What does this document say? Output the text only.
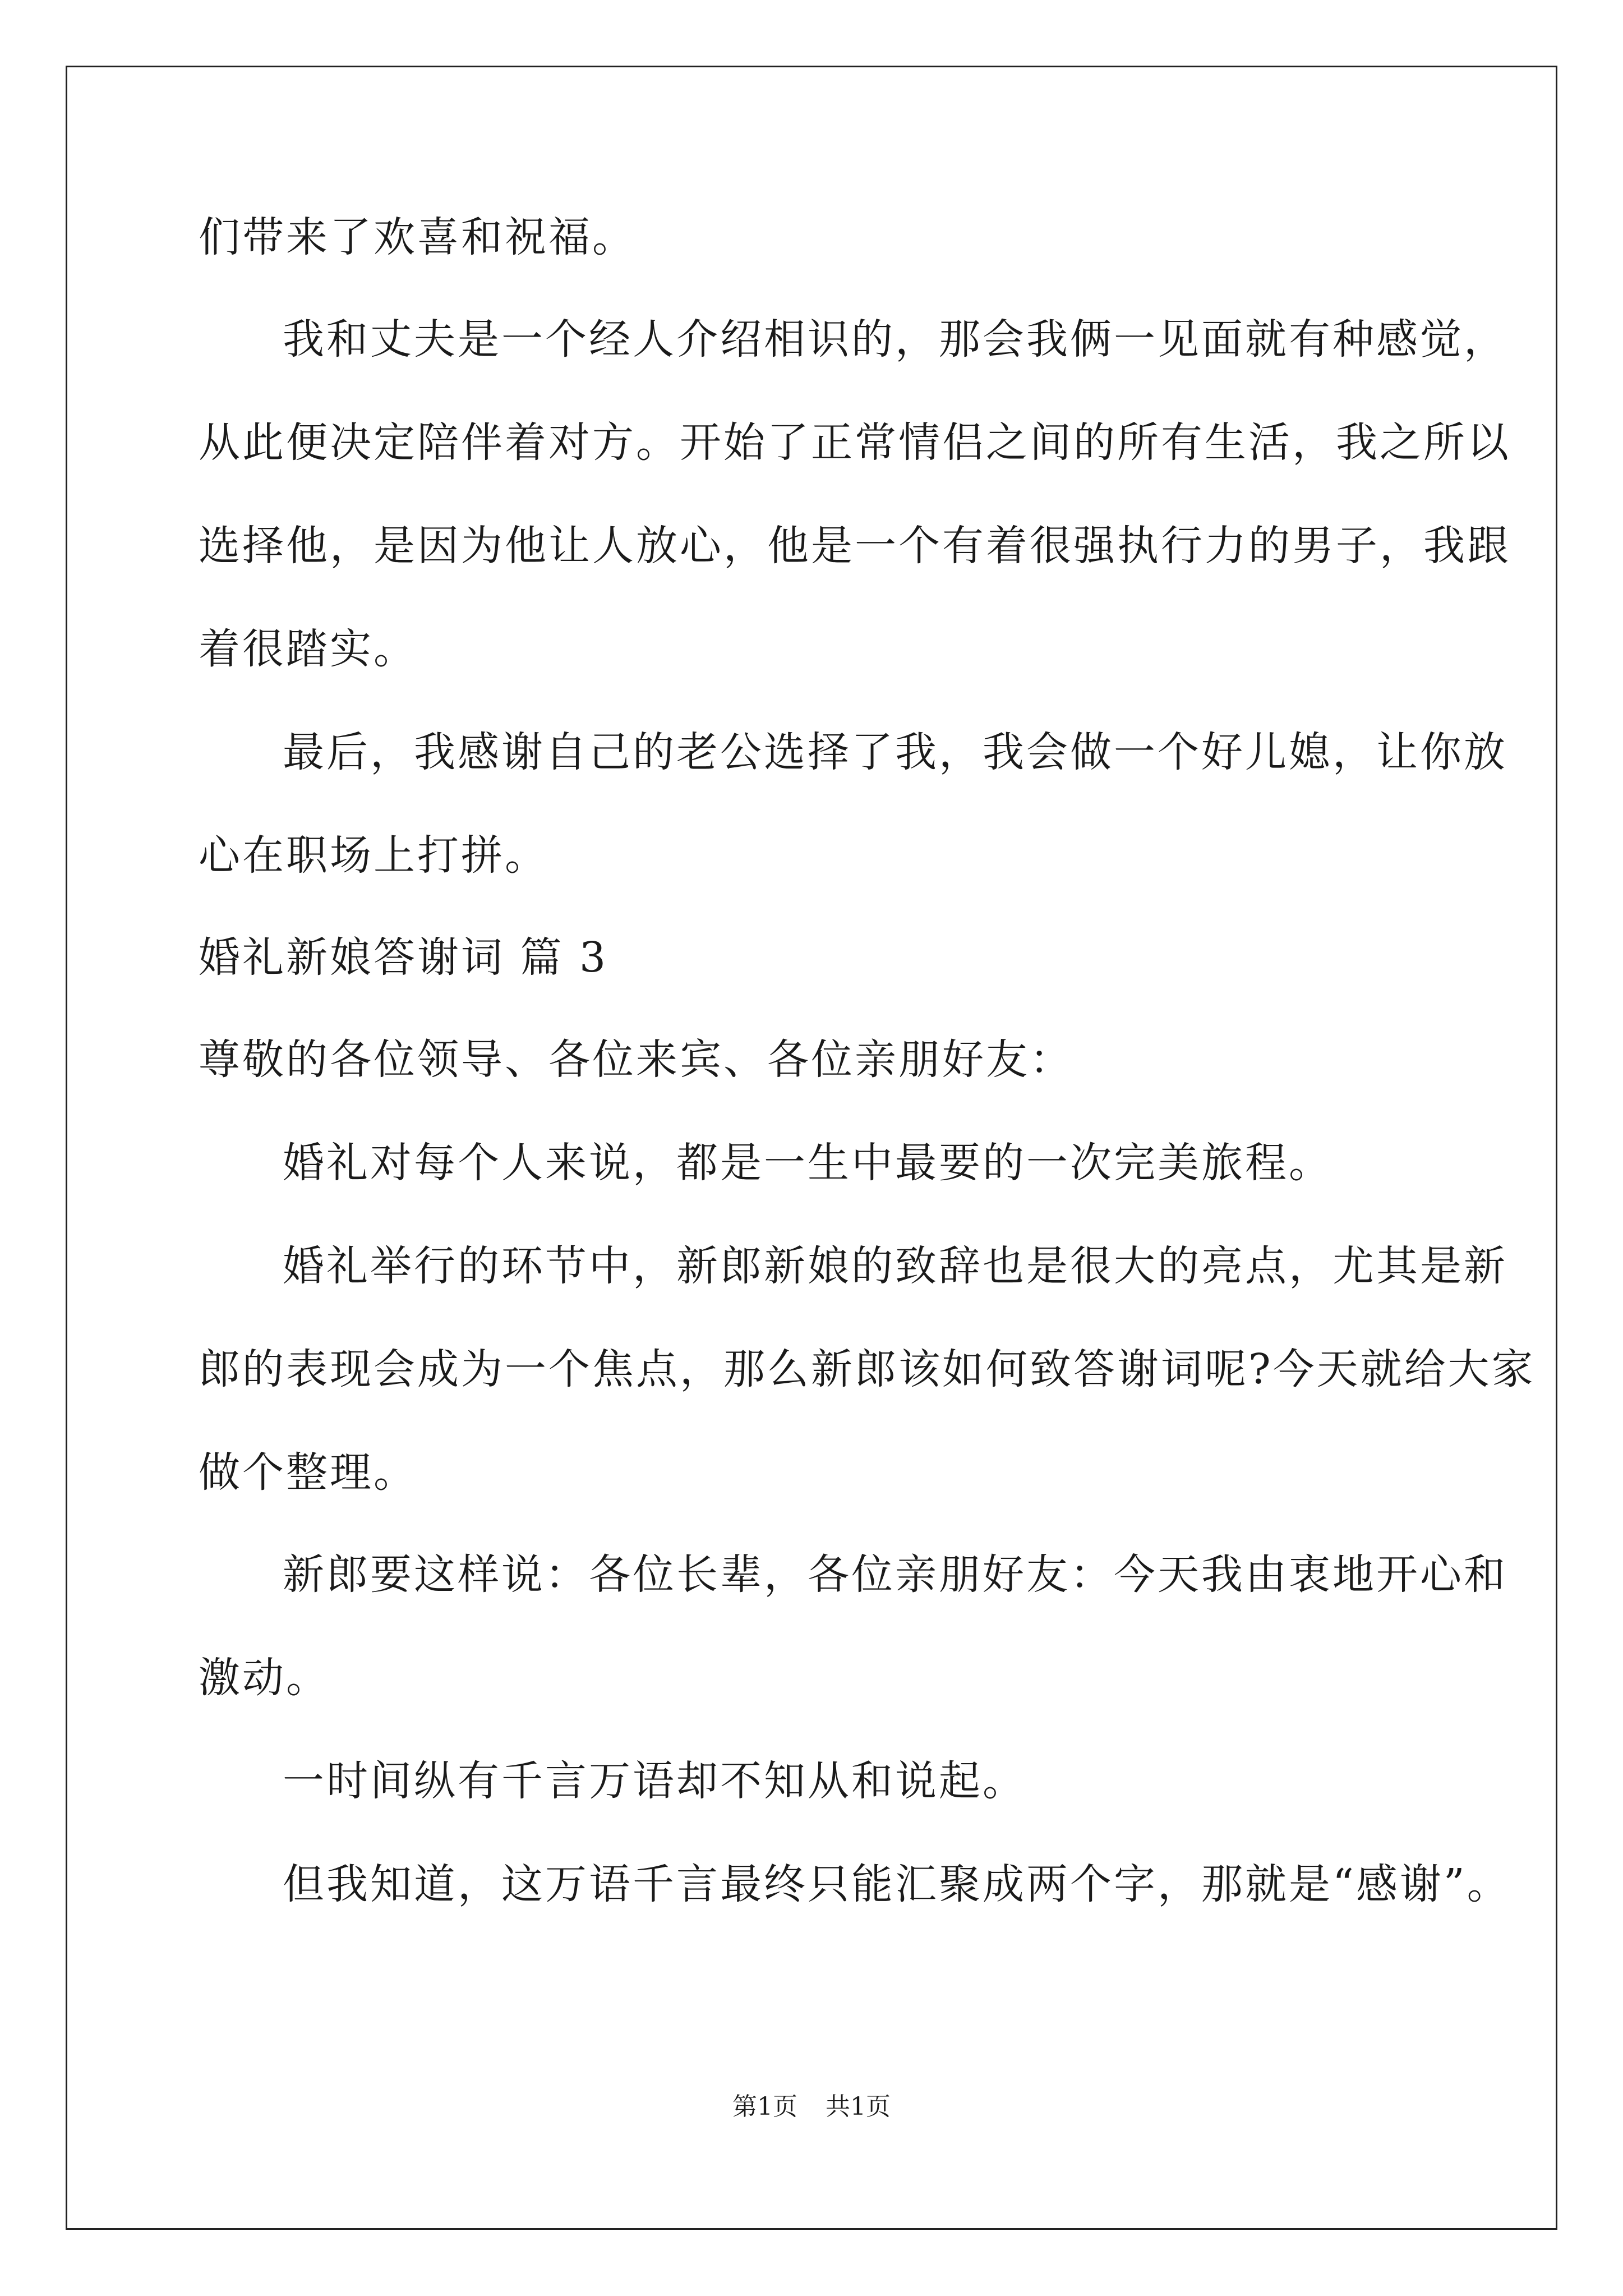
们带来了欢喜和祝福。
我和丈夫是一个经人介绍相识的，那会我俩一见面就有种感觉，
从此便决定陪伴着对方。开始了正常情侣之间的所有生活，我之所以
选择他，是因为他让人放心，他是一个有着很强执行力的男子，我跟
着很踏实。
最后，我感谢自己的老公选择了我，我会做一个好儿媳，让你放
心在职场上打拼。
婚礼新娘答谢词 篇 3
尊敬的各位领导、各位来宾、各位亲朋好友：
婚礼对每个人来说，都是一生中最要的一次完美旅程。
婚礼举行的环节中，新郎新娘的致辞也是很大的亮点，尤其是新
郎的表现会成为一个焦点，那么新郎该如何致答谢词呢?今天就给大家
做个整理。
新郎要这样说：各位长辈，各位亲朋好友：今天我由衷地开心和
激动。
一时间纵有千言万语却不知从和说起。
但我知道，这万语千言最终只能汇聚成两个字，那就是“感谢”。
第1页 共1页
